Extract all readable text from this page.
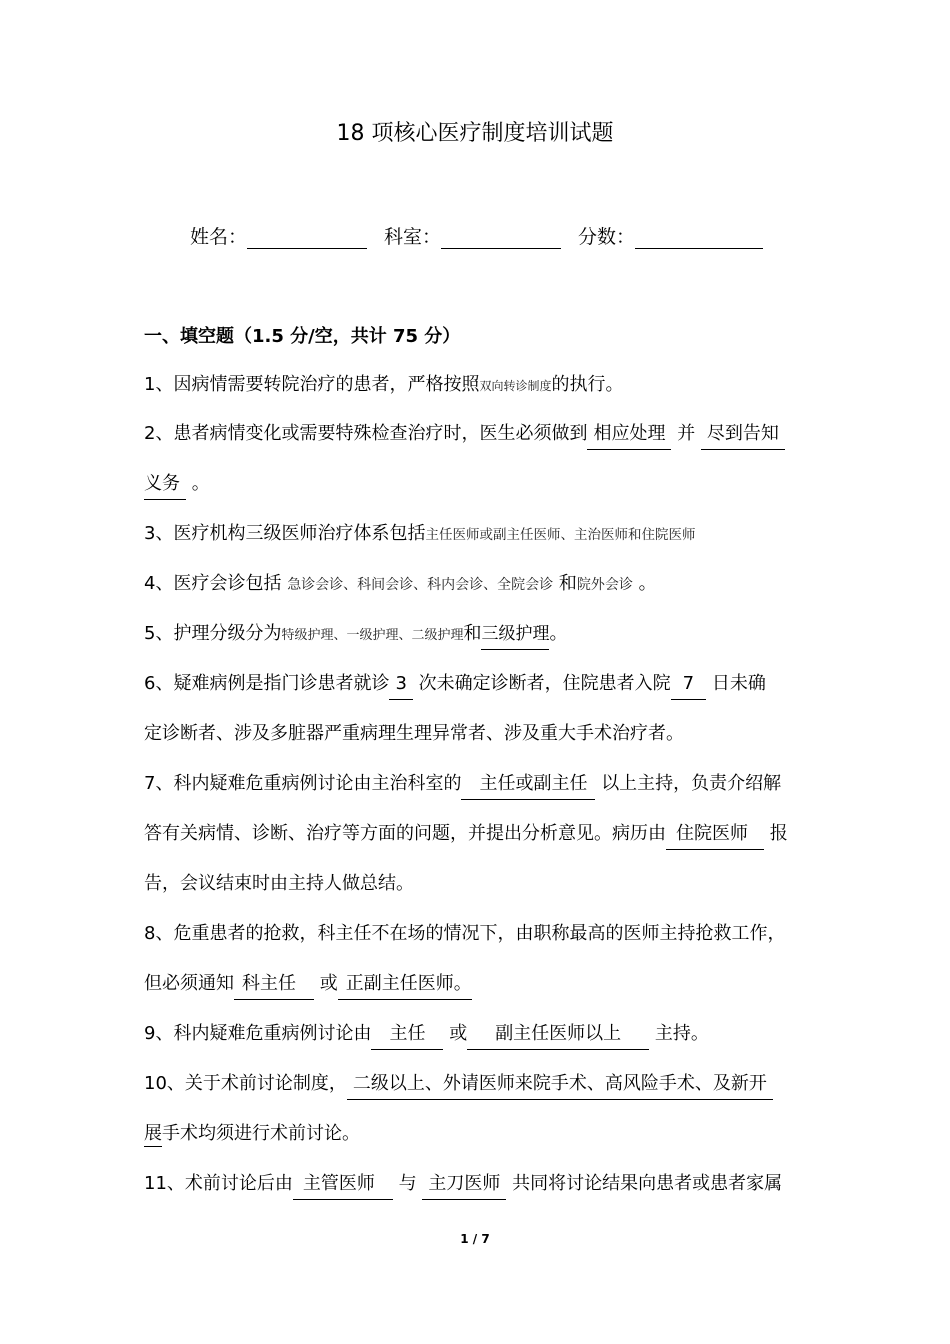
18 项核心医疗制度培训试题
姓名：	科室：	分数：
一、填空题（1.5 分/空，共计 75 分）
1、因病情需要转院治疗的患者，严格按照双向转诊制度的执行。
2、患者病情变化或需要特殊检查治疗时，医生必须做到 相应处理 并 尽到告知
义务 。
3、医疗机构三级医师治疗体系包括主任医师或副主任医师、主治医师和住院医师
4、医疗会诊包括 急诊会诊、科间会诊、科内会诊、全院会诊 和院外会诊 。
5、护理分级分为特级护理、一级护理、二级护理和三级护理。
6、疑难病例是指门诊患者就诊 3 次未确定诊断者，住院患者入院 7 日未确
定诊断者、涉及多脏器严重病理生理异常者、涉及重大手术治疗者。
7、科内疑难危重病例讨论由主治科室的 主任或副主任 以上主持，负责介绍解
答有关病情、诊断、治疗等方面的问题，并提出分析意见。病历由 住院医师 报
告，会议结束时由主持人做总结。
8、危重患者的抢救，科主任不在场的情况下，由职称最高的医师主持抢救工作，
但必须通知 科主任 或 正副主任医师。
9、科内疑难危重病例讨论由 主任 或 副主任医师以上 主持。
10、关于术前讨论制度， 二级以上、外请医师来院手术、高风险手术、及新开
展手术均须进行术前讨论。
11、术前讨论后由 主管医师 与 主刀医师 共同将讨论结果向患者或患者家属
1 / 7
